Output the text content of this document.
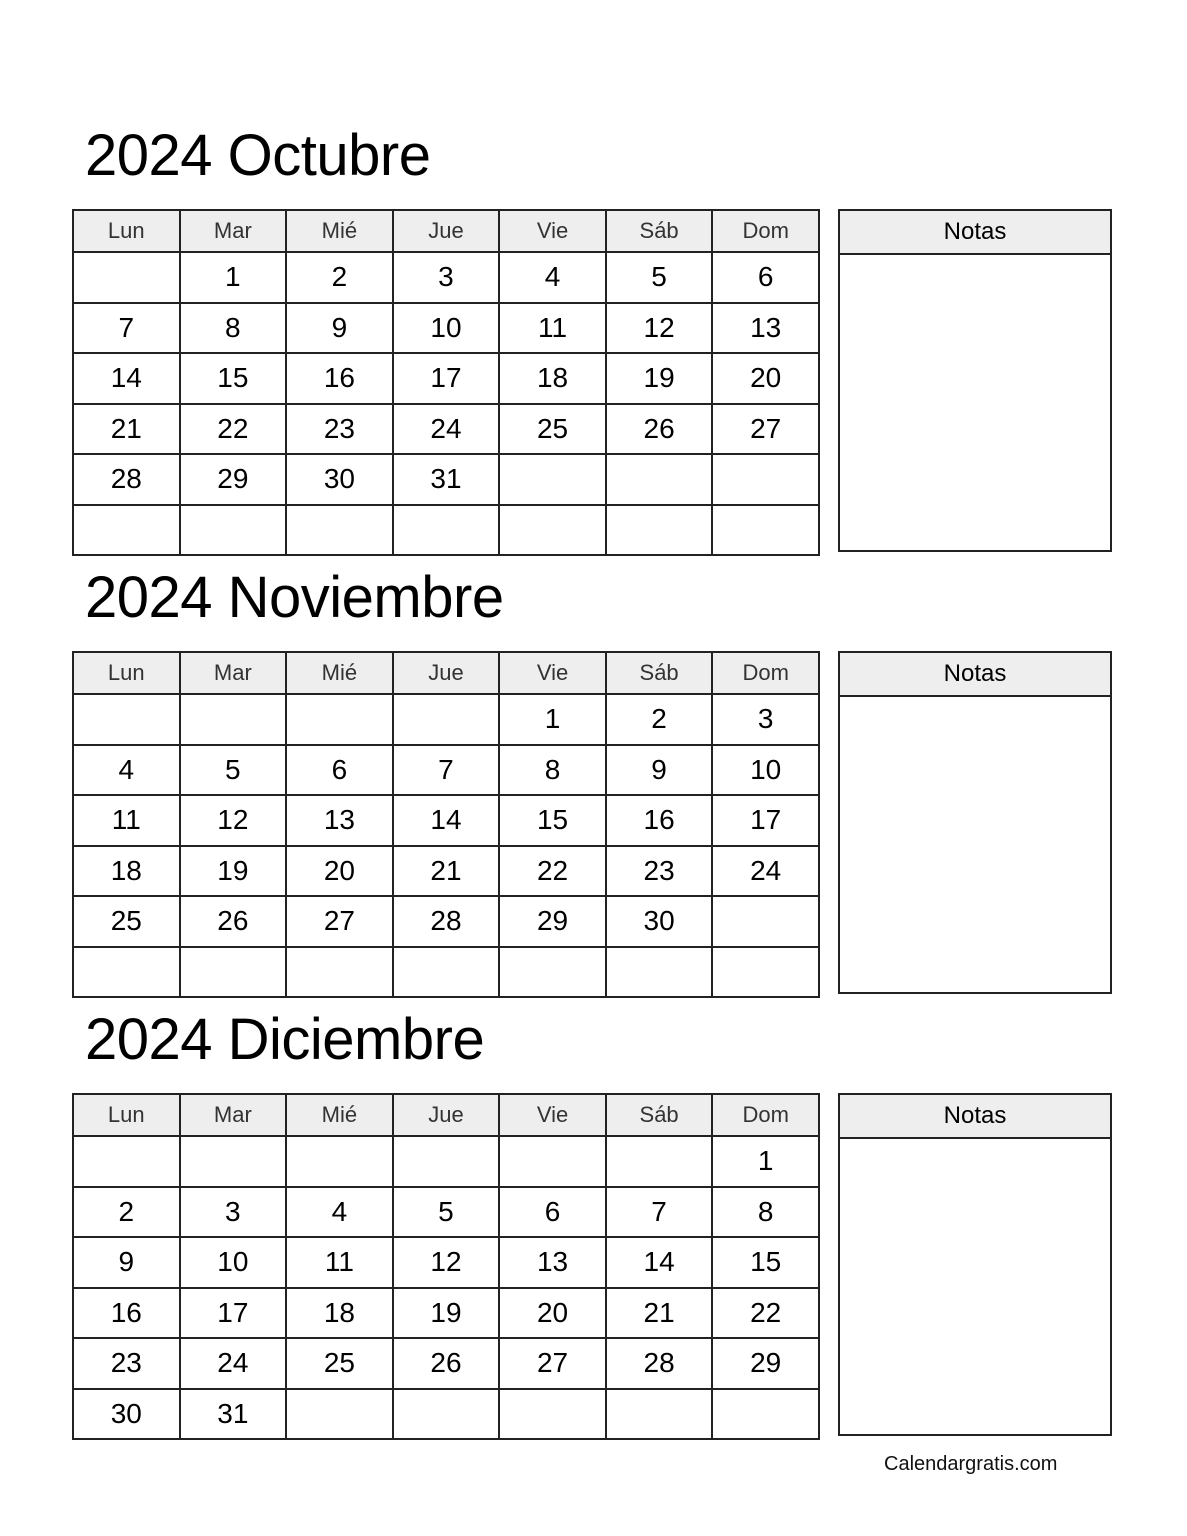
2024 Octubre
Lun	Mar	Mié	Jue	Vie	Sáb	Dom
	1	2	3	4	5	6
7	8	9	10	11	12	13
14	15	16	17	18	19	20
21	22	23	24	25	26	27
28	29	30	31			

Notas
2024 Noviembre
Lun	Mar	Mié	Jue	Vie	Sáb	Dom
				1	2	3
4	5	6	7	8	9	10
11	12	13	14	15	16	17
18	19	20	21	22	23	24
25	26	27	28	29	30	

Notas
2024 Diciembre
Lun	Mar	Mié	Jue	Vie	Sáb	Dom
						1
2	3	4	5	6	7	8
9	10	11	12	13	14	15
16	17	18	19	20	21	22
23	24	25	26	27	28	29
30	31					
Notas
Calendargratis.com
